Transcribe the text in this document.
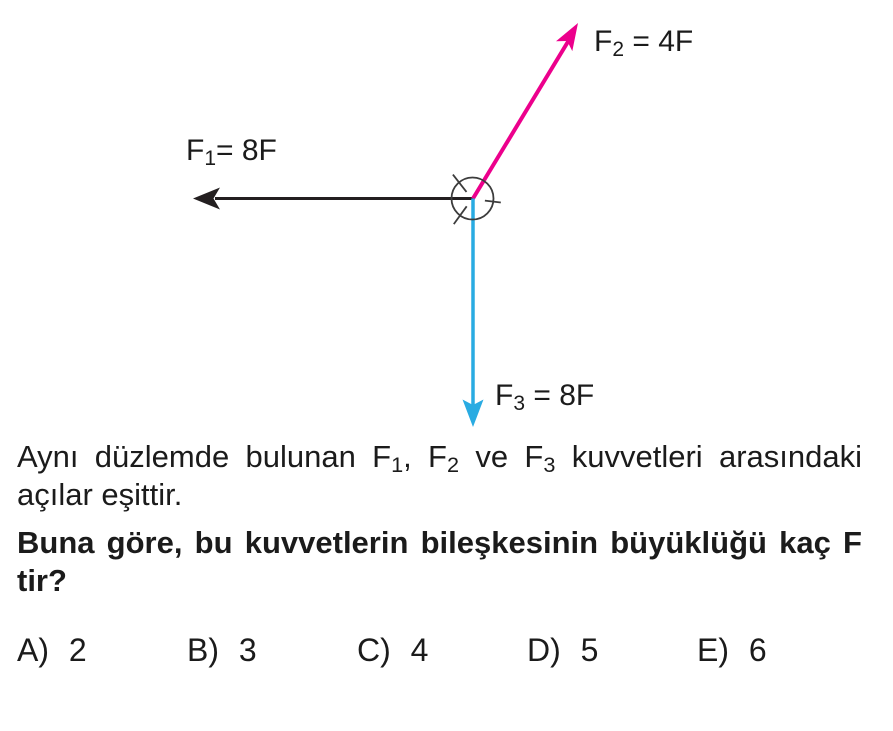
$F_1= 8F$
$F_2 = 4F$
$F_3 = 8F$
Aynı düzlemde bulunan $F_1$, $F_2$ ve $F_3$ kuvvetleri arasındaki
açılar eşittir.
Buna göre, bu kuvvetlerin bileşkesinin büyüklüğü kaç F
tir?
A) 2	B) 3	C) 4	D) 5	E) 6
